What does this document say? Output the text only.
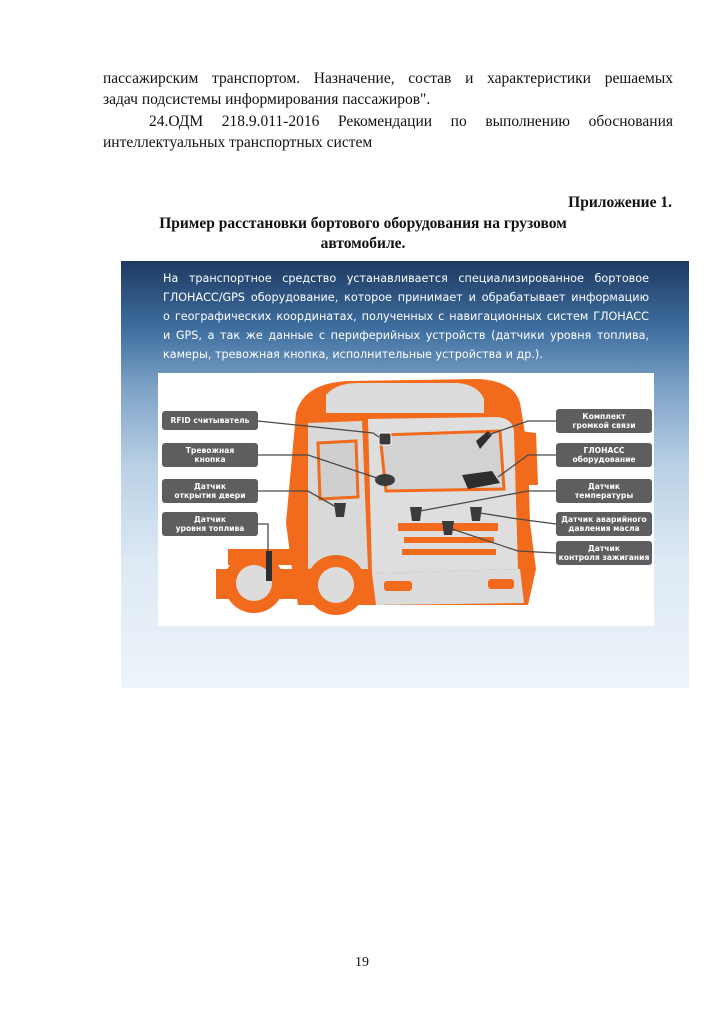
пассажирским транспортом. Назначение, состав и характеристики решаемых
задач подсистемы информирования пассажиров".

24.ОДМ 218.9.011-2016 Рекомендации по выполнению обоснования
интеллектуальных транспортных систем

Приложение 1.
Пример расстановки бортового оборудования на грузовом
автомобиле.

На транспортное средство устанавливается специализированное бортовое
ГЛОНАСС/GPS оборудование, которое принимает и обрабатывает информацию
о географических координатах, полученных с навигационных систем ГЛОНАСС
и GPS, а так же данные с периферийных устройств (датчики уровня топлива,
камеры, тревожная кнопка, исполнительные устройства и др.).

RFID считыватель
Тревожная
кнопка
Датчик
открытия двери
Датчик
уровня топлива
Комплект
громкой связи
ГЛОНАСС
оборудование
Датчик
температуры
Датчик аварийного
давления масла
Датчик
контроля зажигания
19
